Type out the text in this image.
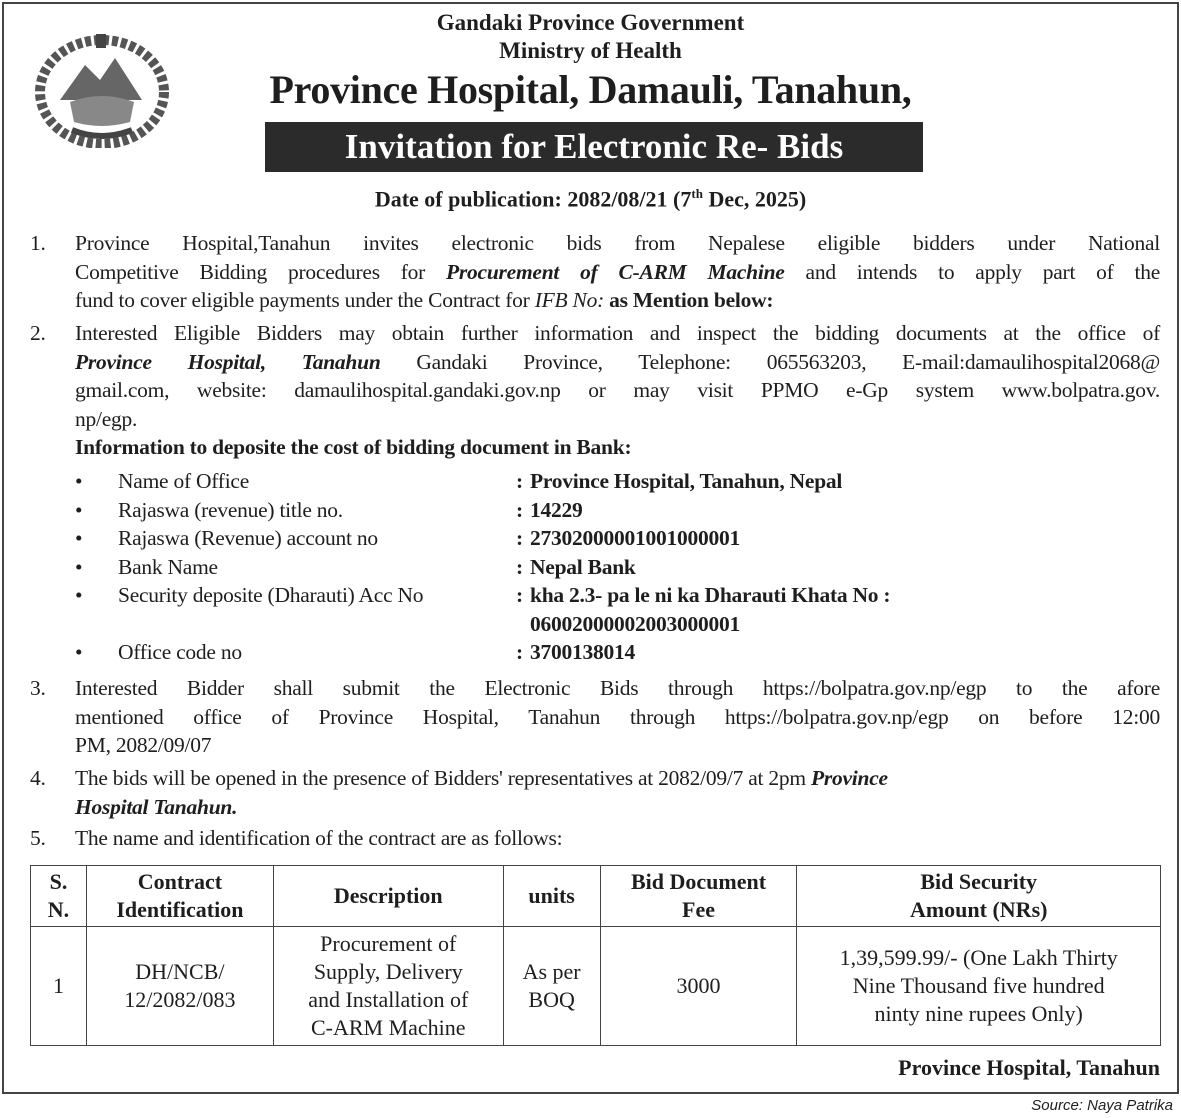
Gandaki Province Government
Ministry of Health
Province Hospital, Damauli, Tanahun,
Invitation for Electronic Re- Bids
Date of publication: 2082/08/21 (7th Dec, 2025)
1. Province Hospital,Tanahun invites electronic bids from Nepalese eligible bidders under National
Competitive Bidding procedures for Procurement of C-ARM Machine and intends to apply part of the
fund to cover eligible payments under the Contract for IFB No: as Mention below:
2. Interested Eligible Bidders may obtain further information and inspect the bidding documents at the office of
Province Hospital, Tanahun Gandaki Province, Telephone: 065563203, E-mail:damaulihospital2068@
gmail.com, website: damaulihospital.gandaki.gov.np or may visit PPMO e-Gp system www.bolpatra.gov.
np/egp.
Information to deposite the cost of bidding document in Bank:
• Name of Office	: Province Hospital, Tanahun, Nepal
• Rajaswa (revenue) title no.	: 14229
• Rajaswa (Revenue) account no	: 27302000001001000001
• Bank Name	: Nepal Bank
• Security deposite (Dharauti) Acc No	: kha 2.3- pa le ni ka Dharauti Khata No :
06002000002003000001
• Office code no	: 3700138014
3. Interested Bidder shall submit the Electronic Bids through https://bolpatra.gov.np/egp to the afore
mentioned office of Province Hospital, Tanahun through https://bolpatra.gov.np/egp on before 12:00
PM, 2082/09/07
4. The bids will be opened in the presence of Bidders' representatives at 2082/09/7 at 2pm Province
Hospital Tanahun.
5. The name and identification of the contract are as follows:
S.
N.	Contract
Identification	Description	units	Bid Document
Fee	Bid Security
Amount (NRs)
1	DH/NCB/
12/2082/083	Procurement of
Supply, Delivery
and Installation of
C-ARM Machine	As per
BOQ	3000	1,39,599.99/- (One Lakh Thirty
Nine Thousand five hundred
ninty nine rupees Only)
Province Hospital, Tanahun
Source: Naya Patrika
